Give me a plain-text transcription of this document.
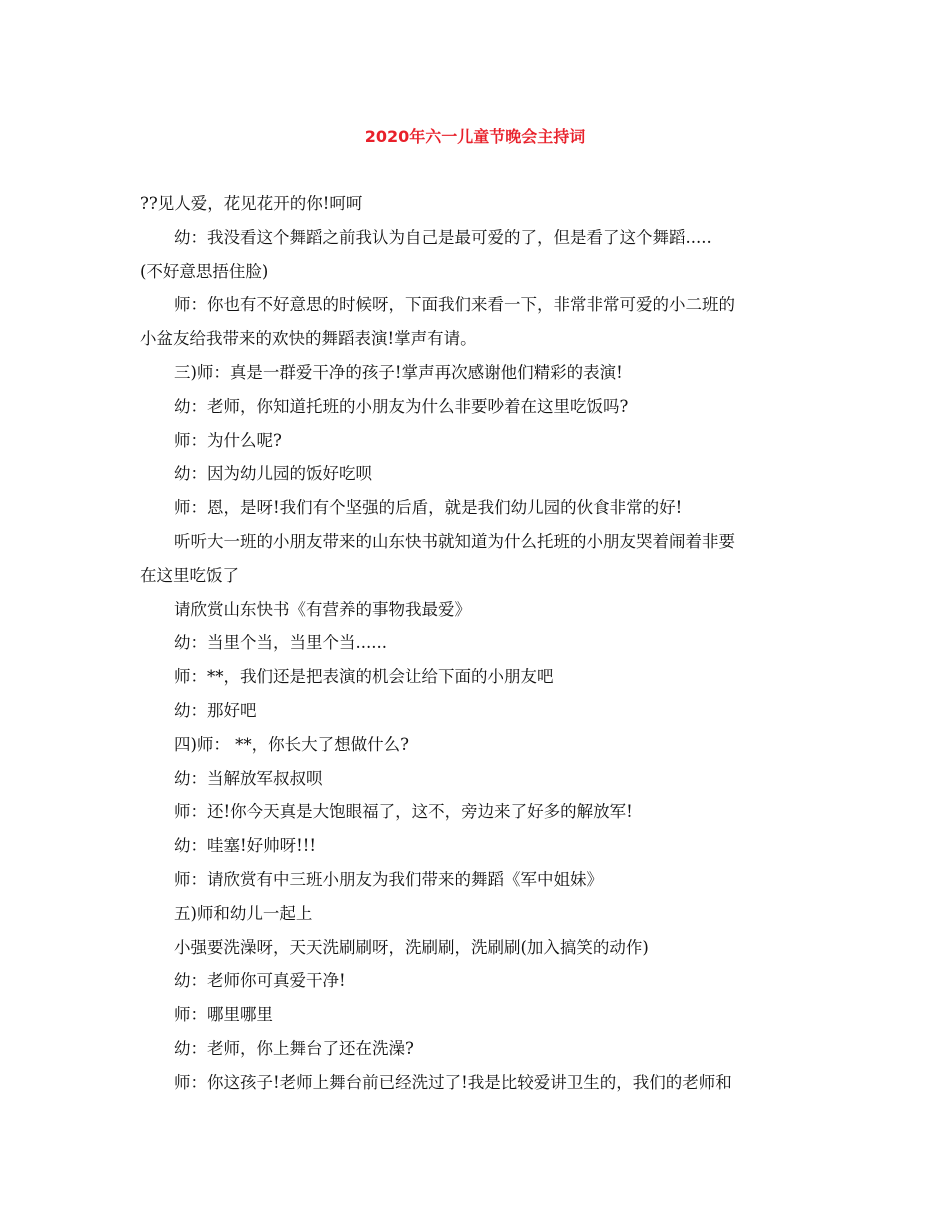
2020年六一儿童节晚会主持词
??见人爱，花见花开的你!呵呵
幼：我没看这个舞蹈之前我认为自己是最可爱的了，但是看了这个舞蹈.....
(不好意思捂住脸)
师：你也有不好意思的时候呀，下面我们来看一下，非常非常可爱的小二班的
小盆友给我带来的欢快的舞蹈表演!掌声有请。
三)师：真是一群爱干净的孩子!掌声再次感谢他们精彩的表演!
幼：老师，你知道托班的小朋友为什么非要吵着在这里吃饭吗?
师：为什么呢?
幼：因为幼儿园的饭好吃呗
师：恩，是呀!我们有个坚强的后盾，就是我们幼儿园的伙食非常的好!
听听大一班的小朋友带来的山东快书就知道为什么托班的小朋友哭着闹着非要
在这里吃饭了
请欣赏山东快书《有营养的事物我最爱》
幼：当里个当，当里个当......
师：**，我们还是把表演的机会让给下面的小朋友吧
幼：那好吧
四)师： **，你长大了想做什么?
幼：当解放军叔叔呗
师：还!你今天真是大饱眼福了，这不，旁边来了好多的解放军!
幼：哇塞!好帅呀!!!
师：请欣赏有中三班小朋友为我们带来的舞蹈《军中姐妹》
五)师和幼儿一起上
小强要洗澡呀，天天洗刷刷呀，洗刷刷，洗刷刷(加入搞笑的动作)
幼：老师你可真爱干净!
师：哪里哪里
幼：老师，你上舞台了还在洗澡?
师：你这孩子!老师上舞台前已经洗过了!我是比较爱讲卫生的，我们的老师和
